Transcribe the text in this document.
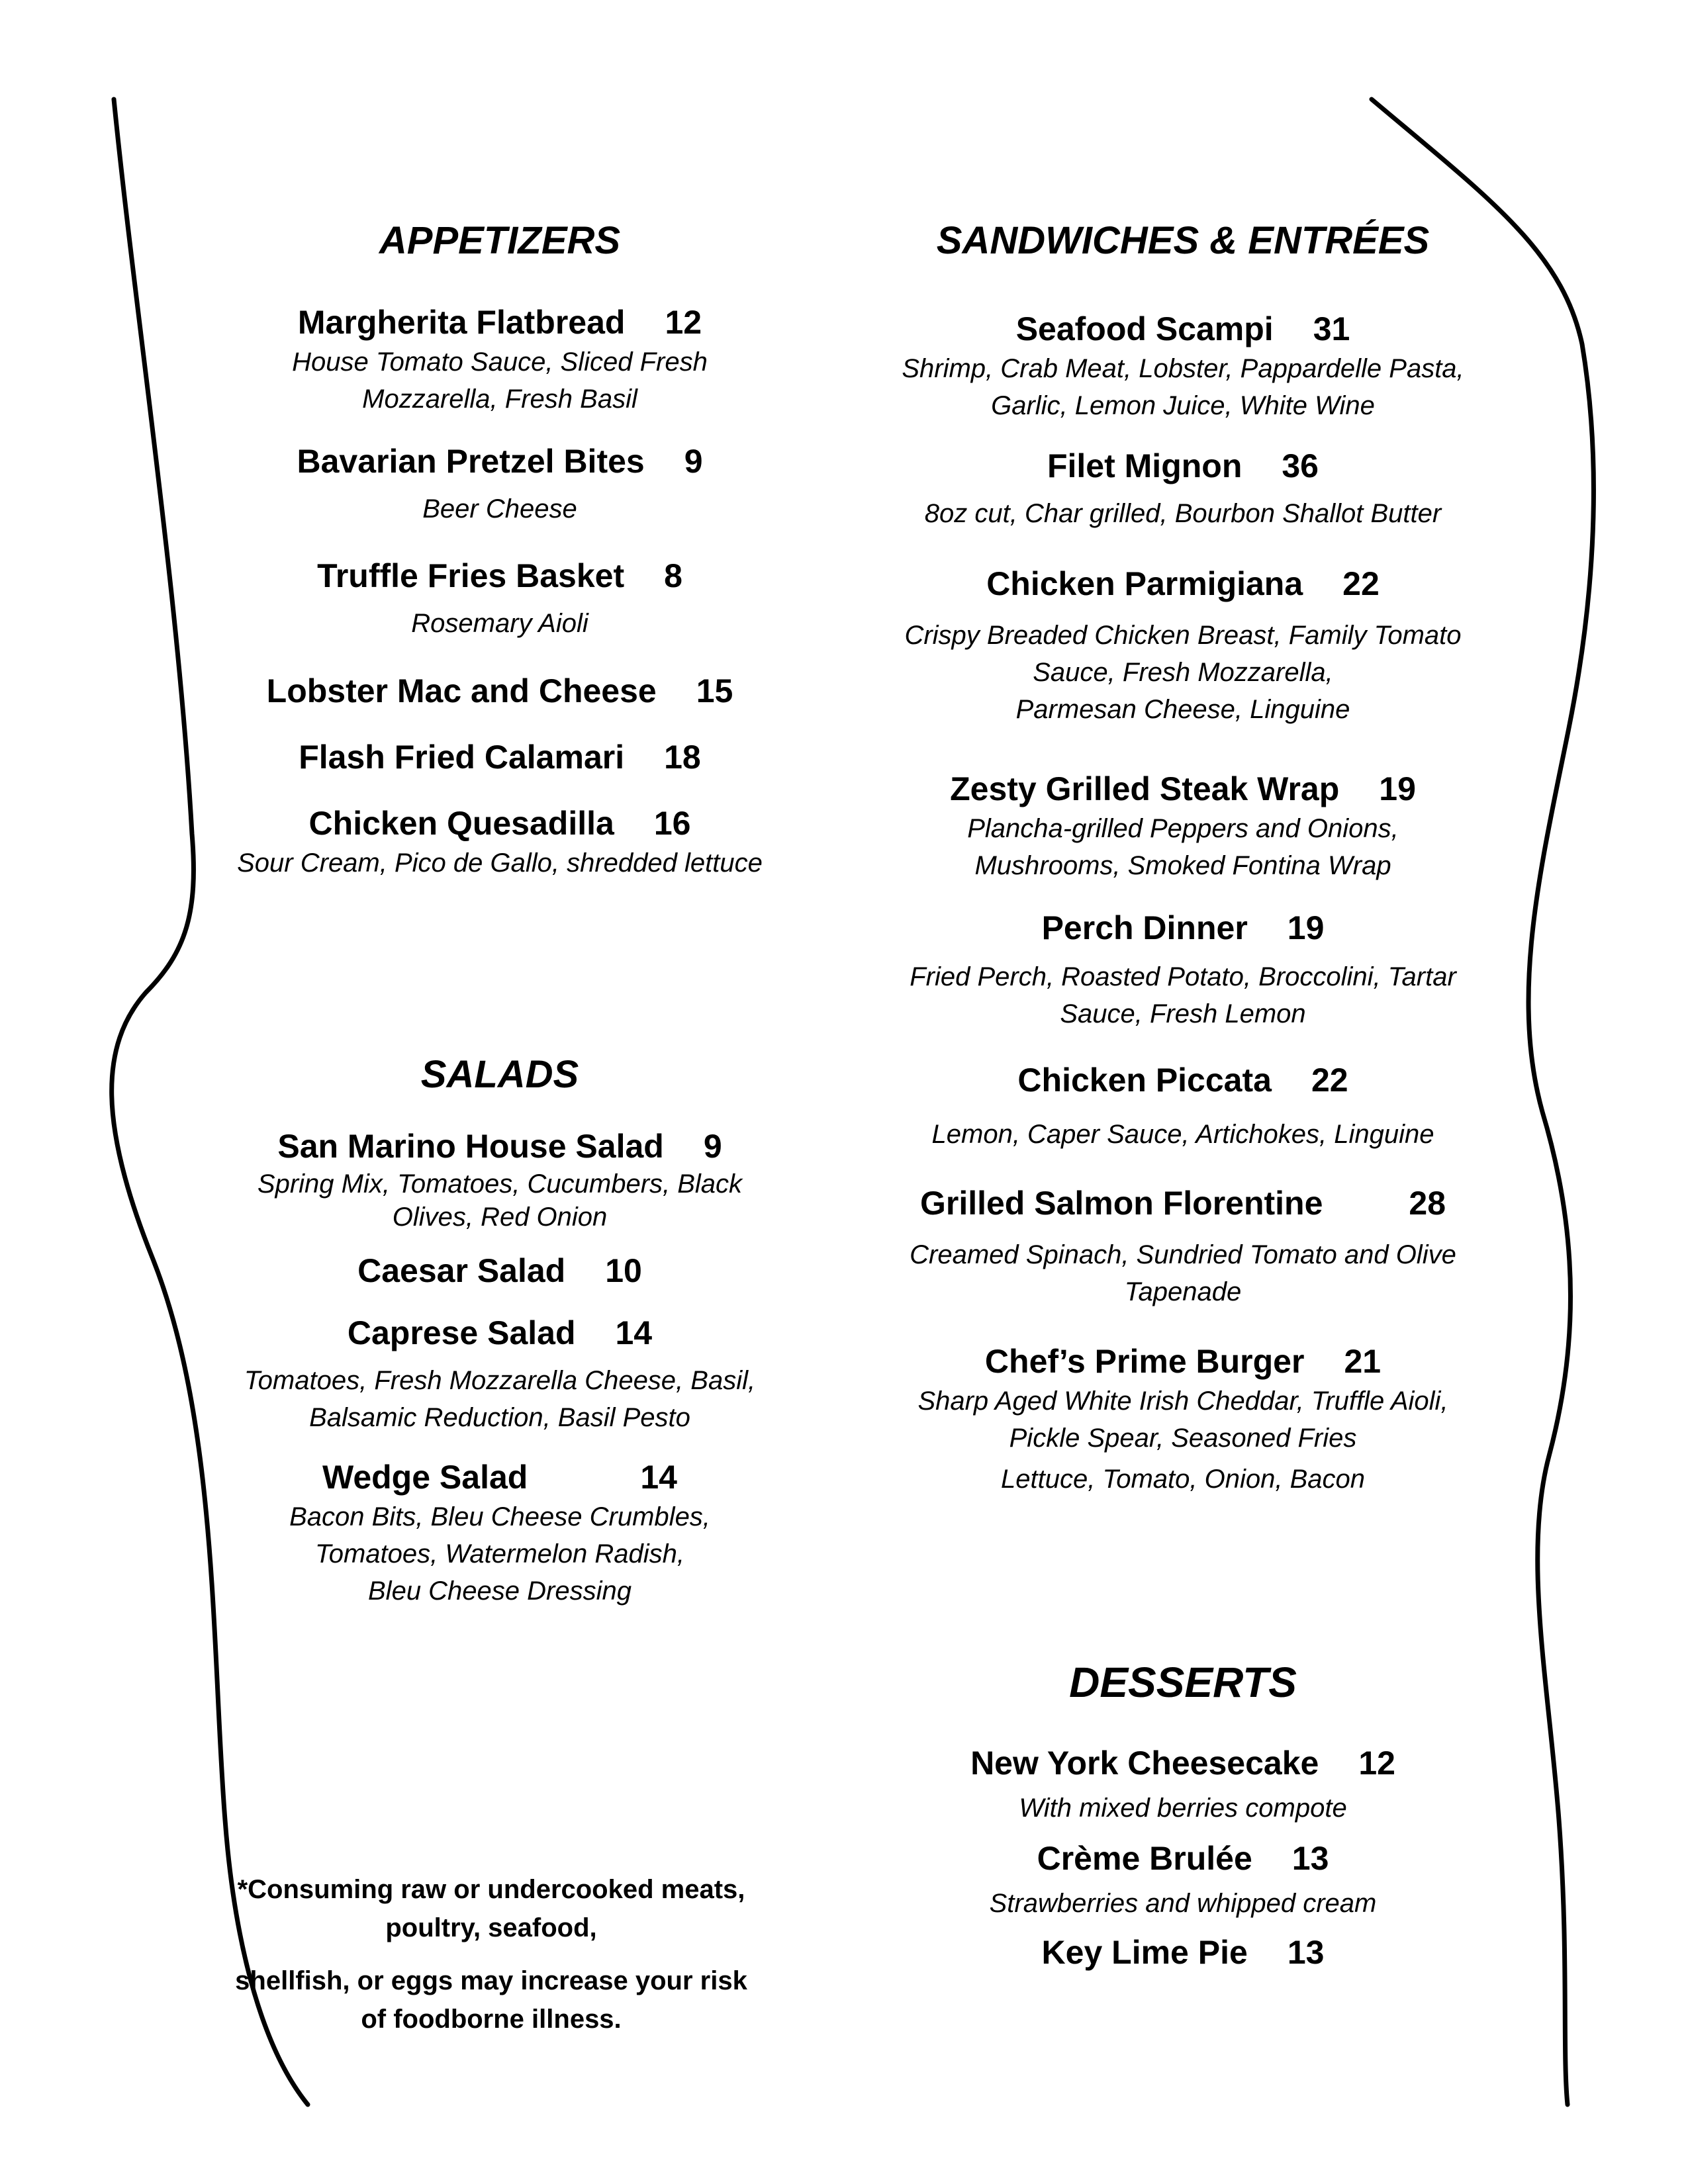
APPETIZERS
Margherita Flatbread 12
House Tomato Sauce, Sliced Fresh
Mozzarella, Fresh Basil
Bavarian Pretzel Bites 9
Beer Cheese
Truffle Fries Basket 8
Rosemary Aioli
Lobster Mac and Cheese 15
Flash Fried Calamari 18
Chicken Quesadilla 16
Sour Cream, Pico de Gallo, shredded lettuce
SALADS
San Marino House Salad 9
Spring Mix, Tomatoes, Cucumbers, Black
Olives, Red Onion
Caesar Salad 10
Caprese Salad 14
Tomatoes, Fresh Mozzarella Cheese, Basil,
Balsamic Reduction, Basil Pesto
Wedge Salad	14
Bacon Bits, Bleu Cheese Crumbles,
Tomatoes, Watermelon Radish,
Bleu Cheese Dressing
*Consuming raw or undercooked meats,
poultry, seafood,
shellfish, or eggs may increase your risk
of foodborne illness.
SANDWICHES & ENTRÉES
Seafood Scampi 31
Shrimp, Crab Meat, Lobster, Pappardelle Pasta,
Garlic, Lemon Juice, White Wine
Filet Mignon 36
8oz cut, Char grilled, Bourbon Shallot Butter
Chicken Parmigiana 22
Crispy Breaded Chicken Breast, Family Tomato
Sauce, Fresh Mozzarella,
Parmesan Cheese, Linguine
Zesty Grilled Steak Wrap 19
Plancha-grilled Peppers and Onions,
Mushrooms, Smoked Fontina Wrap
Perch Dinner 19
Fried Perch, Roasted Potato, Broccolini, Tartar
Sauce, Fresh Lemon
Chicken Piccata 22
Lemon, Caper Sauce, Artichokes, Linguine
Grilled Salmon Florentine	28
Creamed Spinach, Sundried Tomato and Olive
Tapenade
Chef’s Prime Burger 21
Sharp Aged White Irish Cheddar, Truffle Aioli,
Pickle Spear, Seasoned Fries
Lettuce, Tomato, Onion, Bacon
DESSERTS
New York Cheesecake 12
With mixed berries compote
Crème Brulée 13
Strawberries and whipped cream
Key Lime Pie 13
